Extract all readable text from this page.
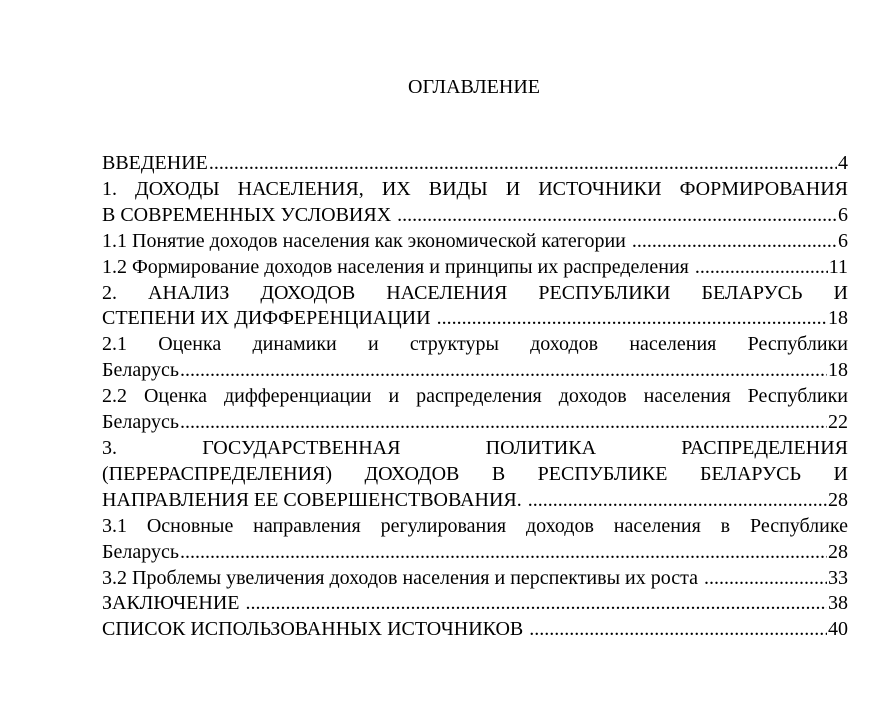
ОГЛАВЛЕНИЕ
ВВЕДЕНИЕ .....	4
1. ДОХОДЫ НАСЕЛЕНИЯ, ИХ ВИДЫ И ИСТОЧНИКИ ФОРМИРОВАНИЯ
В СОВРЕМЕННЫХ УСЛОВИЯХ .....	6
1.1 Понятие доходов населения как экономической категории .....	6
1.2 Формирование доходов населения и принципы их распределения .....	11
2. АНАЛИЗ ДОХОДОВ НАСЕЛЕНИЯ РЕСПУБЛИКИ БЕЛАРУСЬ И
СТЕПЕНИ ИХ ДИФФЕРЕНЦИАЦИИ .....	18
2.1 Оценка динамики и структуры доходов населения Республики
Беларусь .....	18
2.2 Оценка дифференциации и распределения доходов населения Республики
Беларусь .....	22
3.	ГОСУДАРСТВЕННАЯ	ПОЛИТИКА	РАСПРЕДЕЛЕНИЯ
(ПЕРЕРАСПРЕДЕЛЕНИЯ) ДОХОДОВ В РЕСПУБЛИКЕ БЕЛАРУСЬ И
НАПРАВЛЕНИЯ ЕЕ СОВЕРШЕНСТВОВАНИЯ. .....	28
3.1 Основные направления регулирования доходов населения в Республике
Беларусь .....	28
3.2 Проблемы увеличения доходов населения и перспективы их роста .....	33
ЗАКЛЮЧЕНИЕ .....	38
СПИСОК ИСПОЛЬЗОВАННЫХ ИСТОЧНИКОВ .....	40
